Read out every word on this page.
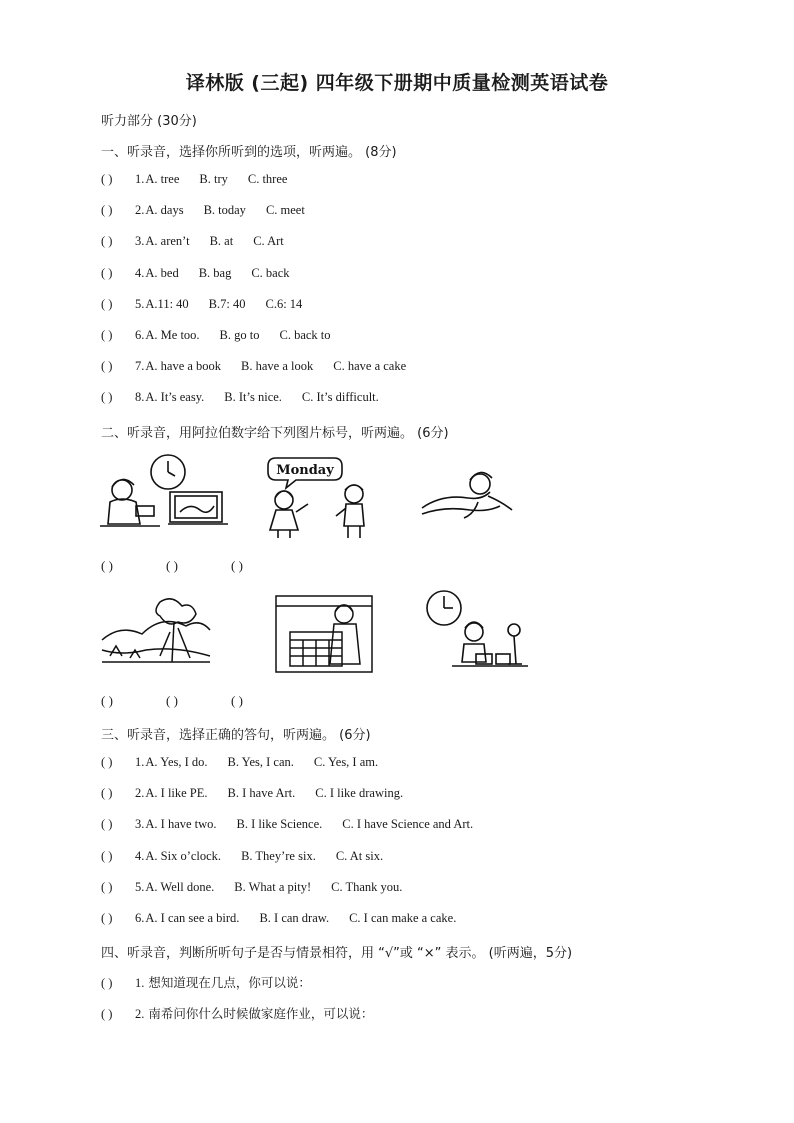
译林版 (三起) 四年级下册期中质量检测英语试卷
听力部分 (30分)
一、听录音，选择你所听到的选项，听两遍。 (8分)
( )	1. A. tree B. try C. three
( )	2. A. days B. today C. meet
( )	3. A. aren’t B. at C. Art
( )	4. A. bed B. bag C. back
( )	5. A.11: 40 B.7: 40 C.6: 14
( )	6. A. Me too. B. go to C. back to
( )	7. A. have a book B. have a look C. have a cake
( )	8. A. It’s easy. B. It’s nice. C. It’s difficult.
二、听录音，用阿拉伯数字给下列图片标号，听两遍。 (6分)
Monday
( )	( )	( )
( )	( )	( )
三、听录音，选择正确的答句，听两遍。 (6分)
( )	1. A. Yes, I do. B. Yes, I can. C. Yes, I am.
( )	2. A. I like PE. B. I have Art. C. I like drawing.
( )	3. A. I have two. B. I like Science. C. I have Science and Art.
( )	4. A. Six o’clock. B. They’re six. C. At six.
( )	5. A. Well done. B. What a pity! C. Thank you.
( )	6. A. I can see a bird. B. I can draw. C. I can make a cake.
四、听录音，判断所听句子是否与情景相符，用 “√”或 “×” 表示。 (听两遍，5分)
( )	1. 想知道现在几点，你可以说：
( )	2. 南希问你什么时候做家庭作业，可以说：
